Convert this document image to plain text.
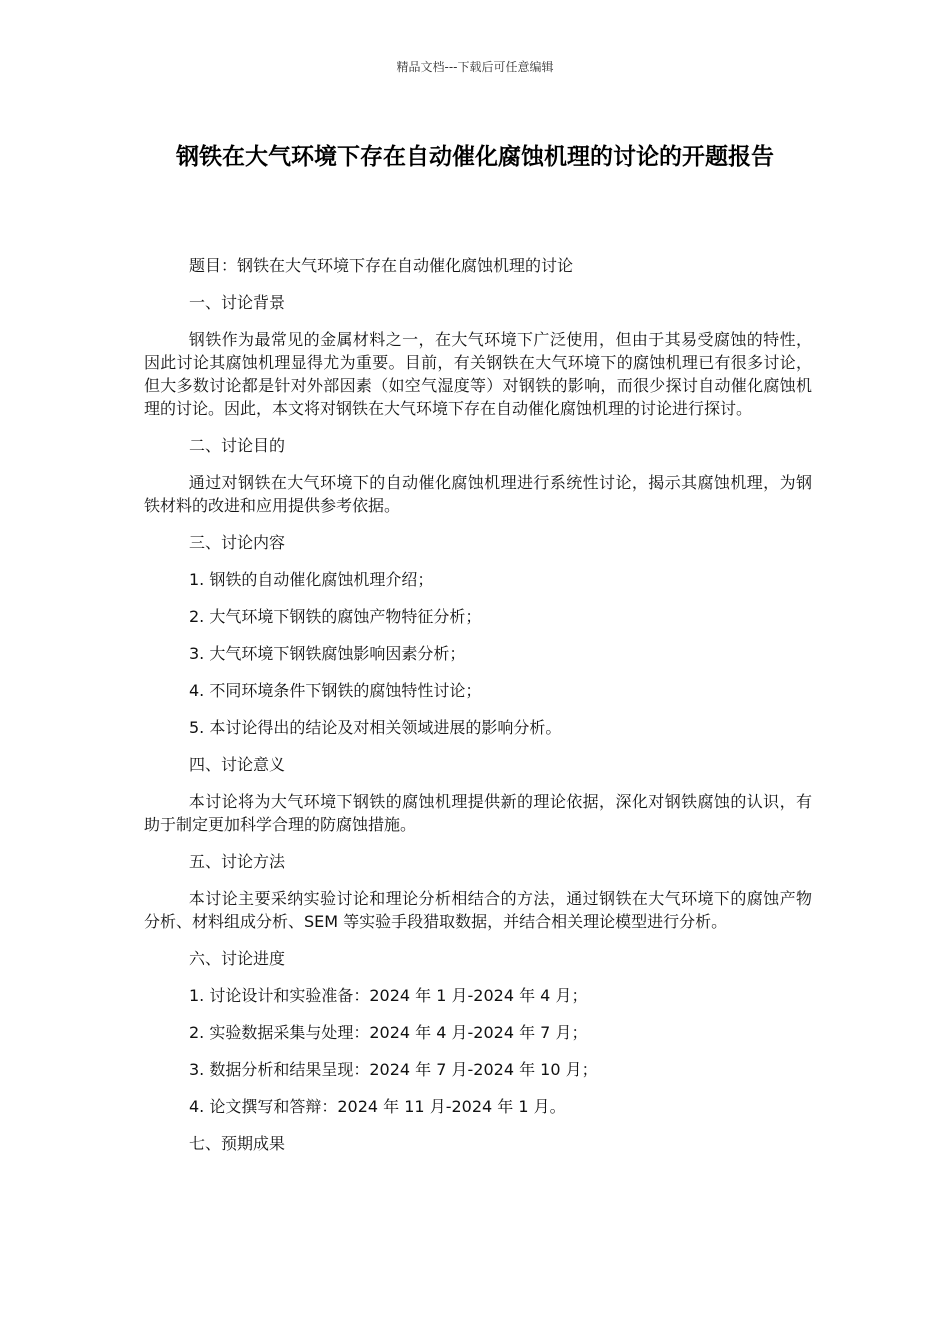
精品文档---下载后可任意编辑
钢铁在大气环境下存在自动催化腐蚀机理的讨论的开题报告

题目：钢铁在大气环境下存在自动催化腐蚀机理的讨论

一、讨论背景

钢铁作为最常见的金属材料之一，在大气环境下广泛使用，但由于其易受腐蚀的特性，因此讨论其腐蚀机理显得尤为重要。目前，有关钢铁在大气环境下的腐蚀机理已有很多讨论，但大多数讨论都是针对外部因素（如空气湿度等）对钢铁的影响，而很少探讨自动催化腐蚀机理的讨论。因此，本文将对钢铁在大气环境下存在自动催化腐蚀机理的讨论进行探讨。

二、讨论目的

通过对钢铁在大气环境下的自动催化腐蚀机理进行系统性讨论，揭示其腐蚀机理，为钢铁材料的改进和应用提供参考依据。

三、讨论内容

1. 钢铁的自动催化腐蚀机理介绍；

2. 大气环境下钢铁的腐蚀产物特征分析；

3. 大气环境下钢铁腐蚀影响因素分析；

4. 不同环境条件下钢铁的腐蚀特性讨论；

5. 本讨论得出的结论及对相关领域进展的影响分析。

四、讨论意义

本讨论将为大气环境下钢铁的腐蚀机理提供新的理论依据，深化对钢铁腐蚀的认识，有助于制定更加科学合理的防腐蚀措施。

五、讨论方法

本讨论主要采纳实验讨论和理论分析相结合的方法，通过钢铁在大气环境下的腐蚀产物分析、材料组成分析、SEM 等实验手段猎取数据，并结合相关理论模型进行分析。

六、讨论进度

1. 讨论设计和实验准备：2024 年 1 月-2024 年 4 月；

2. 实验数据采集与处理：2024 年 4 月-2024 年 7 月；

3. 数据分析和结果呈现：2024 年 7 月-2024 年 10 月；

4. 论文撰写和答辩：2024 年 11 月-2024 年 1 月。

七、预期成果
